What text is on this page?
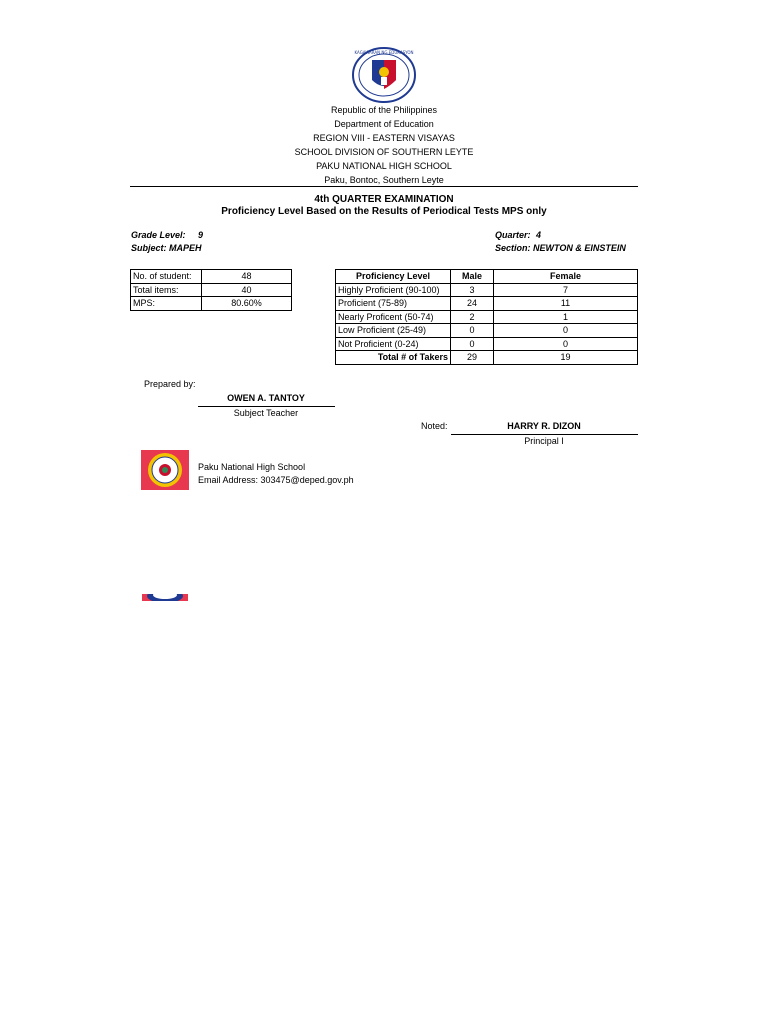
KAGAWARAN NG EDUKASYON
Republic of the Philippines
Department of Education
REGION VIII - EASTERN VISAYAS
SCHOOL DIVISION OF SOUTHERN LEYTE
PAKU NATIONAL HIGH SCHOOL
Paku, Bontoc, Southern Leyte
4th QUARTER EXAMINATION
Proficiency Level Based on the Results of Periodical Tests MPS only
Grade Level: 9
Subject: MAPEH
Quarter: 4
Section: NEWTON & EINSTEIN
No. of student:	48
Total items:	40
MPS:	80.60%
Proficiency Level	Male	Female
Highly Proficient (90-100)	3	7
Proficient (75-89)	24	11
Nearly Proficent (50-74)	2	1
Low Proficient (25-49)	0	0
Not Proficient (0-24)	0	0
Total # of Takers	29	19
Prepared by:
OWEN A. TANTOY
Subject Teacher
Noted:	HARRY R. DIZON
Principal I
Paku National High School
Email Address: 303475@deped.gov.ph
